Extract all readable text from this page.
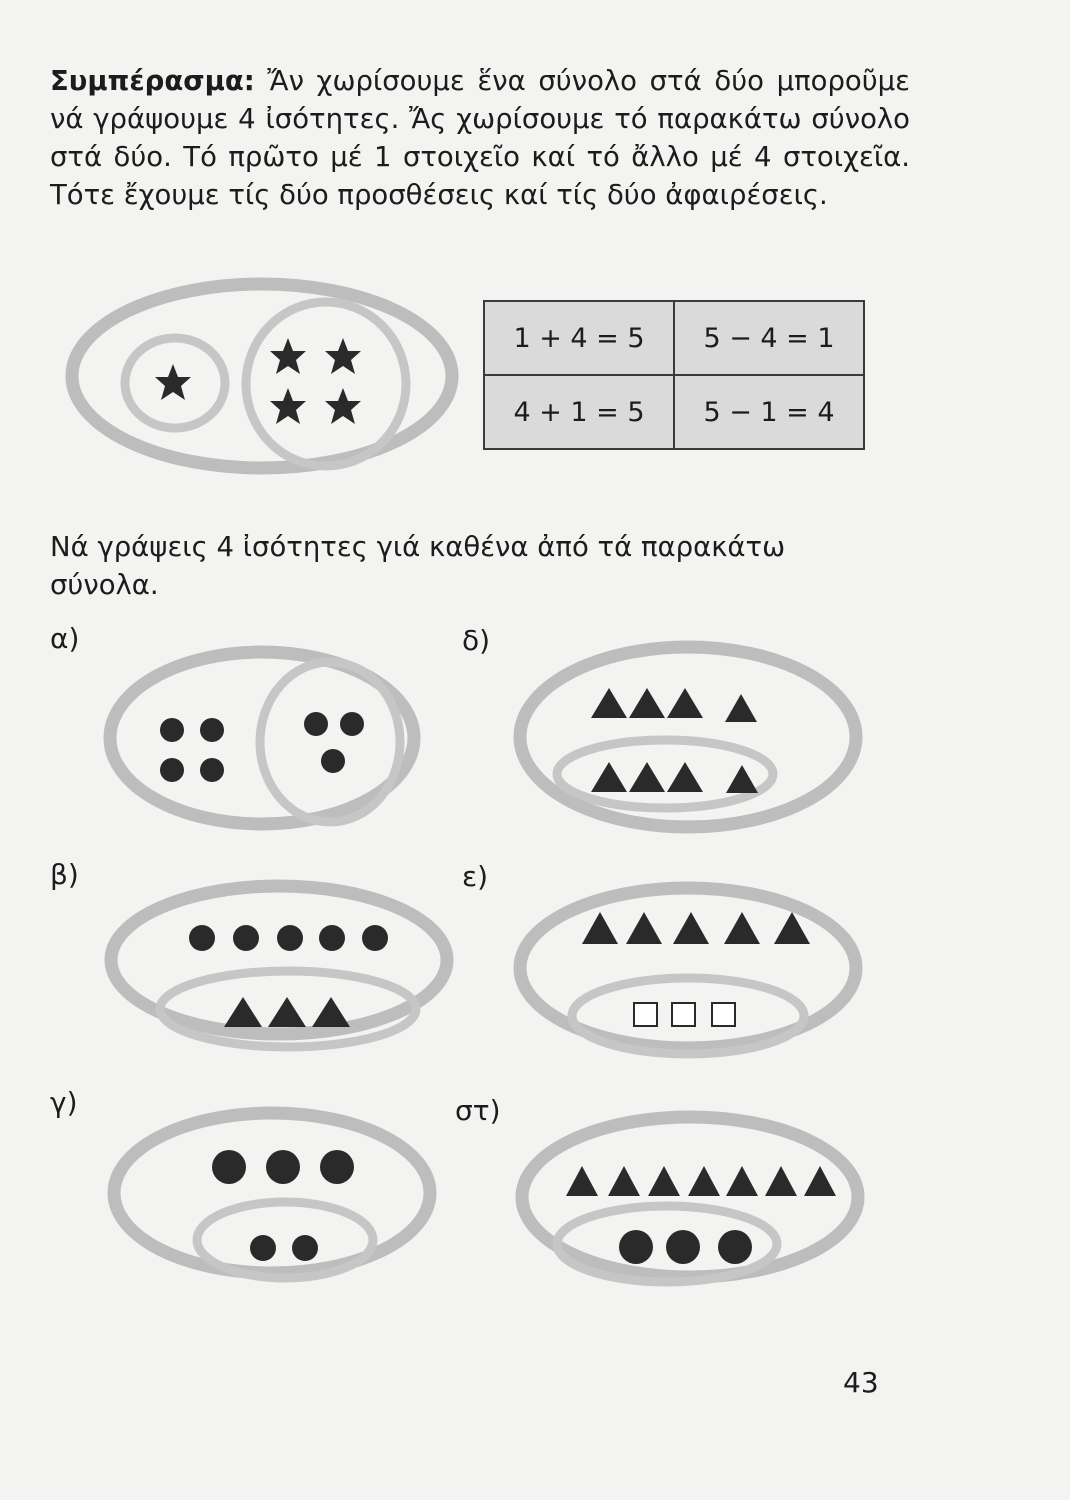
Συμπέρασμα: Ἄν χωρίσουμε ἕνα σύνολο στά δύο μποροῦμε νά γράψουμε 4 ἰσότητες. Ἄς χωρίσουμε τό παρακάτω σύνολο στά δύο. Τό πρῶτο μέ 1 στοιχεῖο καί τό ἄλλο μέ 4 στοιχεῖα. Τότε ἔχουμε τίς δύο προσθέσεις καί τίς δύο ἀφαιρέσεις.
1 + 4 = 5	5 − 4 = 1
4 + 1 = 5	5 − 1 = 4
Νά γράψεις 4 ἰσότητες γιά καθένα ἀπό τά παρακάτω σύνολα.
α)
β)
γ)
δ)
ε)
στ)
43
